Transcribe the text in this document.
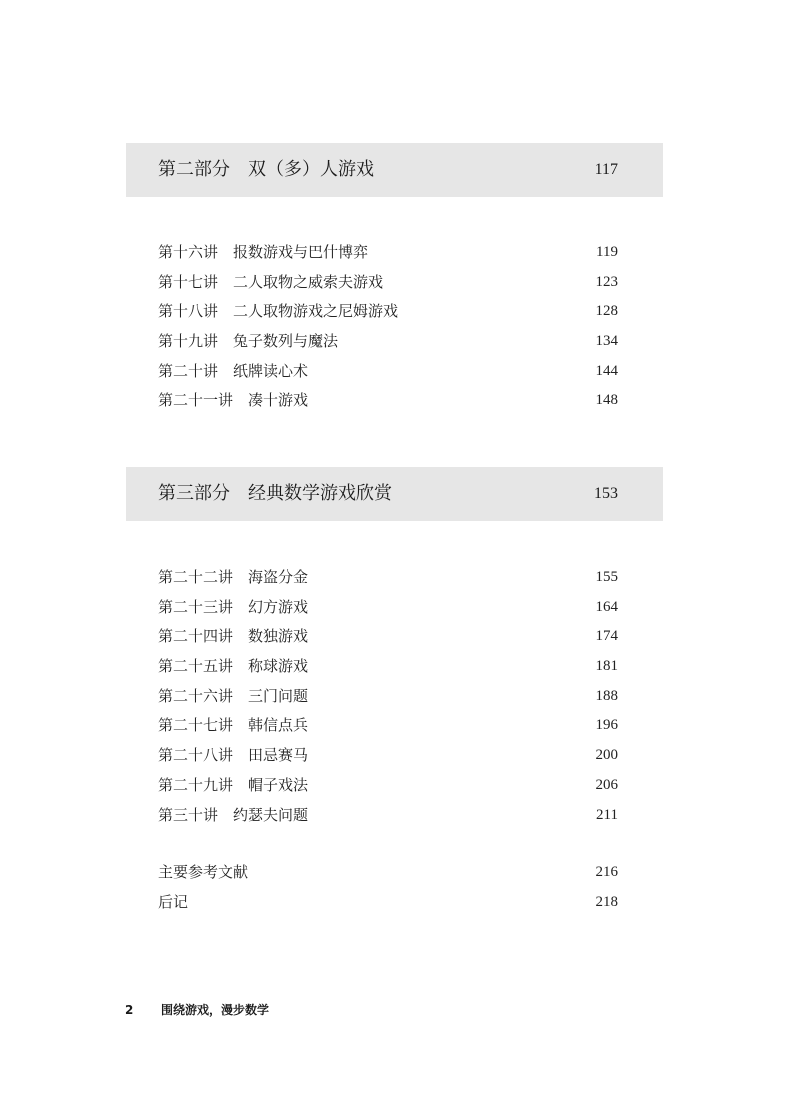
第二部分　双（多）人游戏	117
第十六讲　报数游戏与巴什博弈	119
第十七讲　二人取物之威索夫游戏	123
第十八讲　二人取物游戏之尼姆游戏	128
第十九讲　兔子数列与魔法	134
第二十讲　纸牌读心术	144
第二十一讲　凑十游戏	148
第三部分　经典数学游戏欣赏	153
第二十二讲　海盗分金	155
第二十三讲　幻方游戏	164
第二十四讲　数独游戏	174
第二十五讲　称球游戏	181
第二十六讲　三门问题	188
第二十七讲　韩信点兵	196
第二十八讲　田忌赛马	200
第二十九讲　帽子戏法	206
第三十讲　约瑟夫问题	211
主要参考文献	216
后记	218
2 围绕游戏，漫步数学
